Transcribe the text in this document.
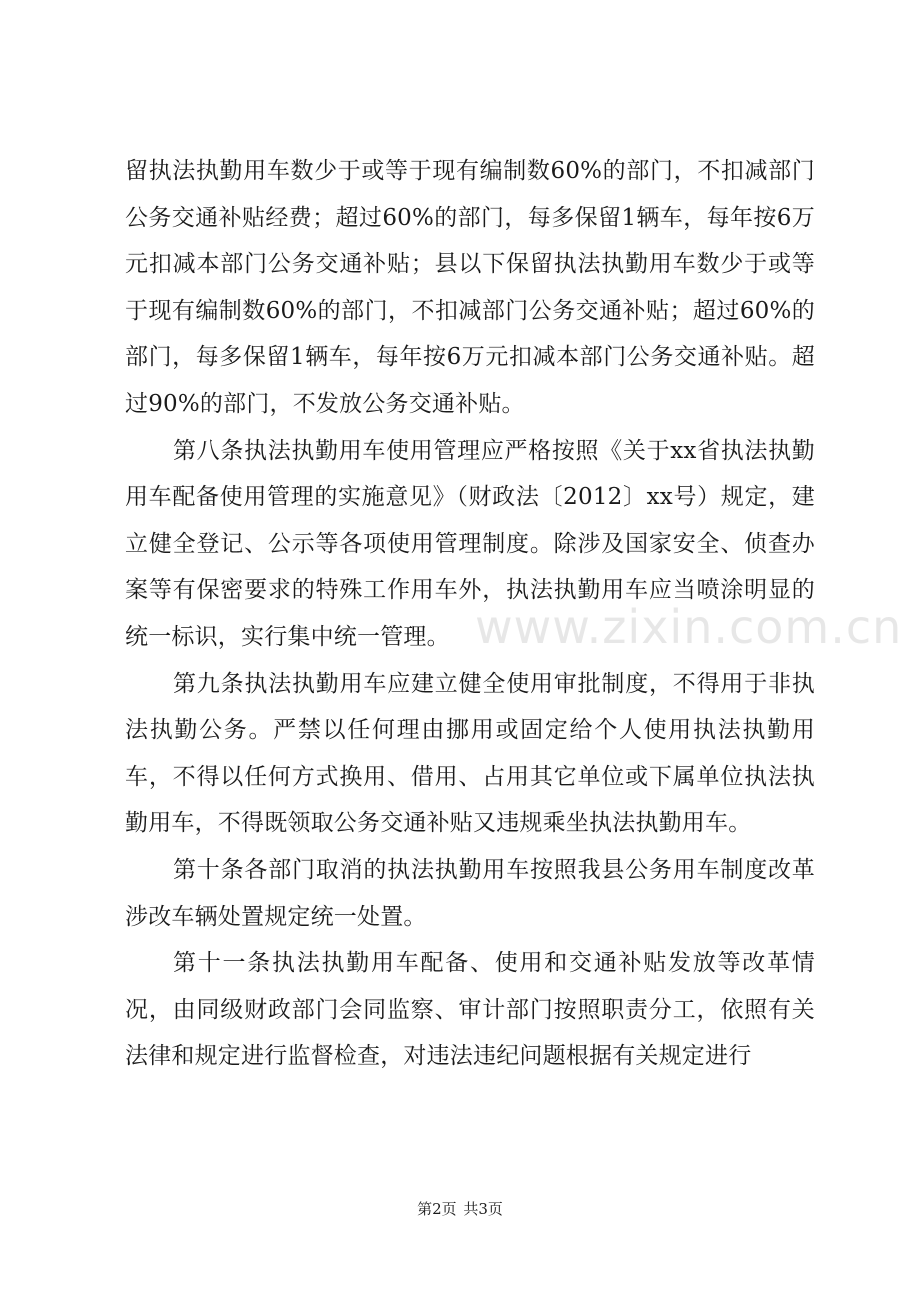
留执法执勤用车数少于或等于现有编制数60%的部门，不扣减部门公务交通补贴经费；超过60%的部门，每多保留1辆车，每年按6万元扣减本部门公务交通补贴；县以下保留执法执勤用车数少于或等于现有编制数60%的部门，不扣减部门公务交通补贴；超过60%的部门，每多保留1辆车，每年按6万元扣减本部门公务交通补贴。超过90%的部门，不发放公务交通补贴。

第八条执法执勤用车使用管理应严格按照《关于xx省执法执勤用车配备使用管理的实施意见》（财政法〔2012〕xx号）规定，建立健全登记、公示等各项使用管理制度。除涉及国家安全、侦查办案等有保密要求的特殊工作用车外，执法执勤用车应当喷涂明显的统一标识，实行集中统一管理。

第九条执法执勤用车应建立健全使用审批制度，不得用于非执法执勤公务。严禁以任何理由挪用或固定给个人使用执法执勤用车，不得以任何方式换用、借用、占用其它单位或下属单位执法执勤用车，不得既领取公务交通补贴又违规乘坐执法执勤用车。

第十条各部门取消的执法执勤用车按照我县公务用车制度改革涉改车辆处置规定统一处置。

第十一条执法执勤用车配备、使用和交通补贴发放等改革情况，由同级财政部门会同监察、审计部门按照职责分工，依照有关法律和规定进行监督检查，对违法违纪问题根据有关规定进行

www.zixin.com.cn
第2页 共3页
